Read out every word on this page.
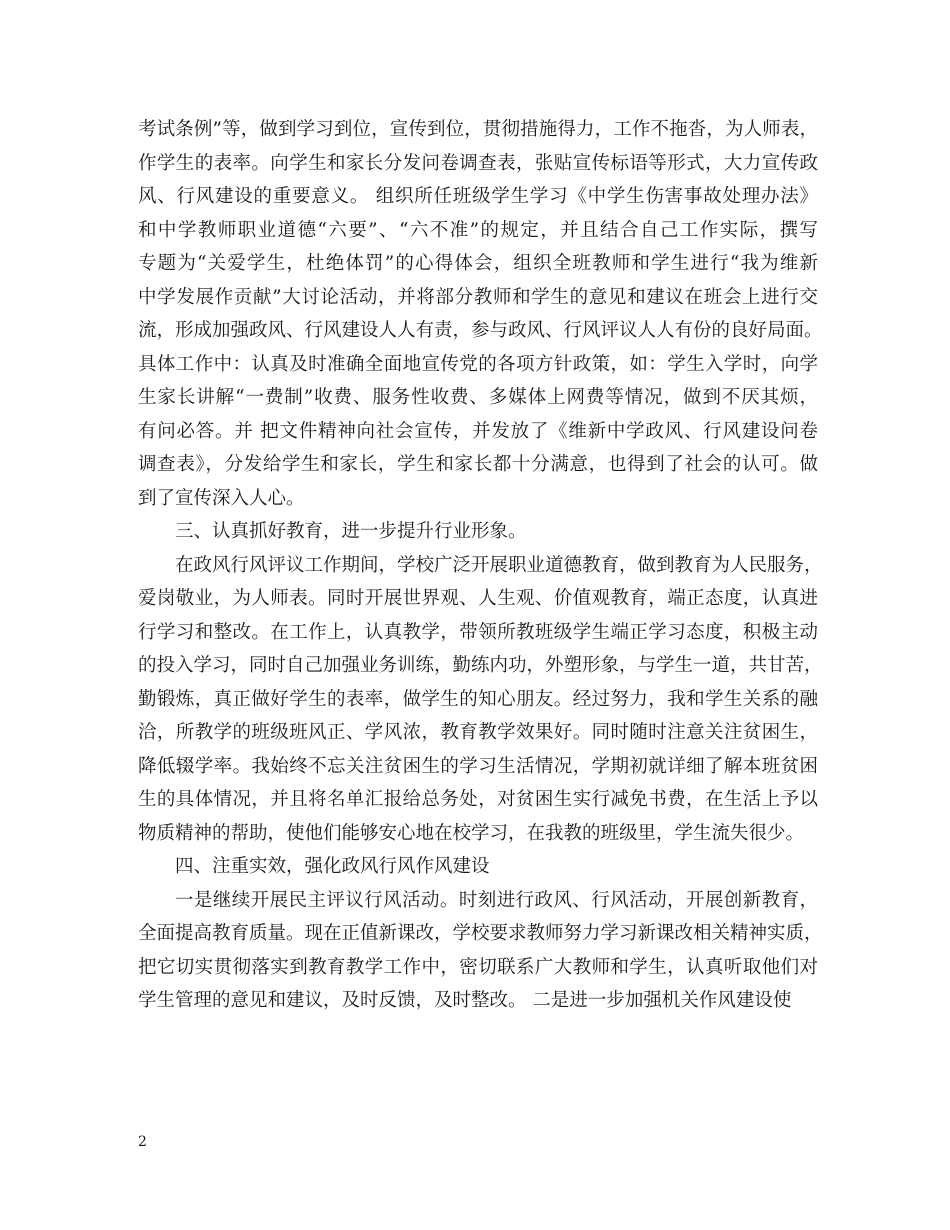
考试条例”等，做到学习到位，宣传到位，贯彻措施得力，工作不拖沓，为人师表，
作学生的表率。向学生和家长分发问卷调查表，张贴宣传标语等形式，大力宣传政
风、行风建设的重要意义。 组织所任班级学生学习《中学生伤害事故处理办法》
和中学教师职业道德“六要”、“六不准”的规定，并且结合自己工作实际，撰写
专题为“关爱学生，杜绝体罚”的心得体会，组织全班教师和学生进行“我为维新
中学发展作贡献”大讨论活动，并将部分教师和学生的意见和建议在班会上进行交
流，形成加强政风、行风建设人人有责，参与政风、行风评议人人有份的良好局面。
具体工作中：认真及时准确全面地宣传党的各项方针政策，如：学生入学时，向学
生家长讲解“一费制”收费、服务性收费、多媒体上网费等情况，做到不厌其烦，
有问必答。并 把文件精神向社会宣传，并发放了《维新中学政风、行风建设问卷
调查表》，分发给学生和家长，学生和家长都十分满意，也得到了社会的认可。做
到了宣传深入人心。
三、认真抓好教育，进一步提升行业形象。
在政风行风评议工作期间，学校广泛开展职业道德教育，做到教育为人民服务，
爱岗敬业，为人师表。同时开展世界观、人生观、价值观教育，端正态度，认真进
行学习和整改。在工作上，认真教学，带领所教班级学生端正学习态度，积极主动
的投入学习，同时自己加强业务训练，勤练内功，外塑形象，与学生一道，共甘苦，
勤锻炼，真正做好学生的表率，做学生的知心朋友。经过努力，我和学生关系的融
洽，所教学的班级班风正、学风浓，教育教学效果好。同时随时注意关注贫困生，
降低辍学率。我始终不忘关注贫困生的学习生活情况，学期初就详细了解本班贫困
生的具体情况，并且将名单汇报给总务处，对贫困生实行减免书费，在生活上予以
物质精神的帮助，使他们能够安心地在校学习，在我教的班级里，学生流失很少。
四、注重实效，强化政风行风作风建设
一是继续开展民主评议行风活动。时刻进行政风、行风活动，开展创新教育，
全面提高教育质量。现在正值新课改，学校要求教师努力学习新课改相关精神实质，
把它切实贯彻落实到教育教学工作中，密切联系广大教师和学生，认真听取他们对
学生管理的意见和建议，及时反馈，及时整改。 二是进一步加强机关作风建设使
2
